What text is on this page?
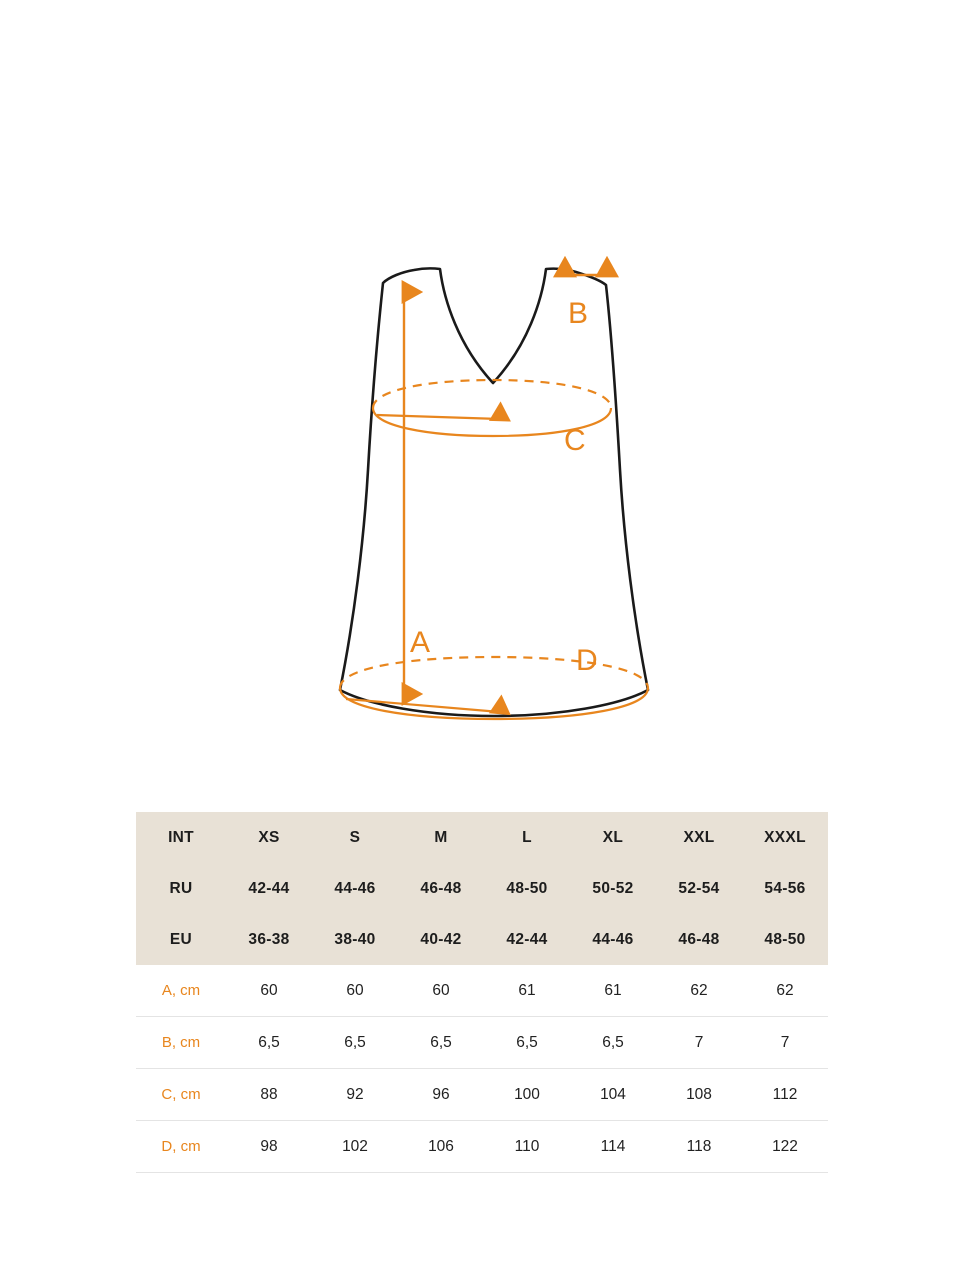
A
B
C
D
INT	XS	S	M	L	XL	XXL	XXXL
RU	42-44	44-46	46-48	48-50	50-52	52-54	54-56
EU	36-38	38-40	40-42	42-44	44-46	46-48	48-50
A, cm	60	60	60	61	61	62	62
B, cm	6,5	6,5	6,5	6,5	6,5	7	7
C, cm	88	92	96	100	104	108	112
D, cm	98	102	106	110	114	118	122
